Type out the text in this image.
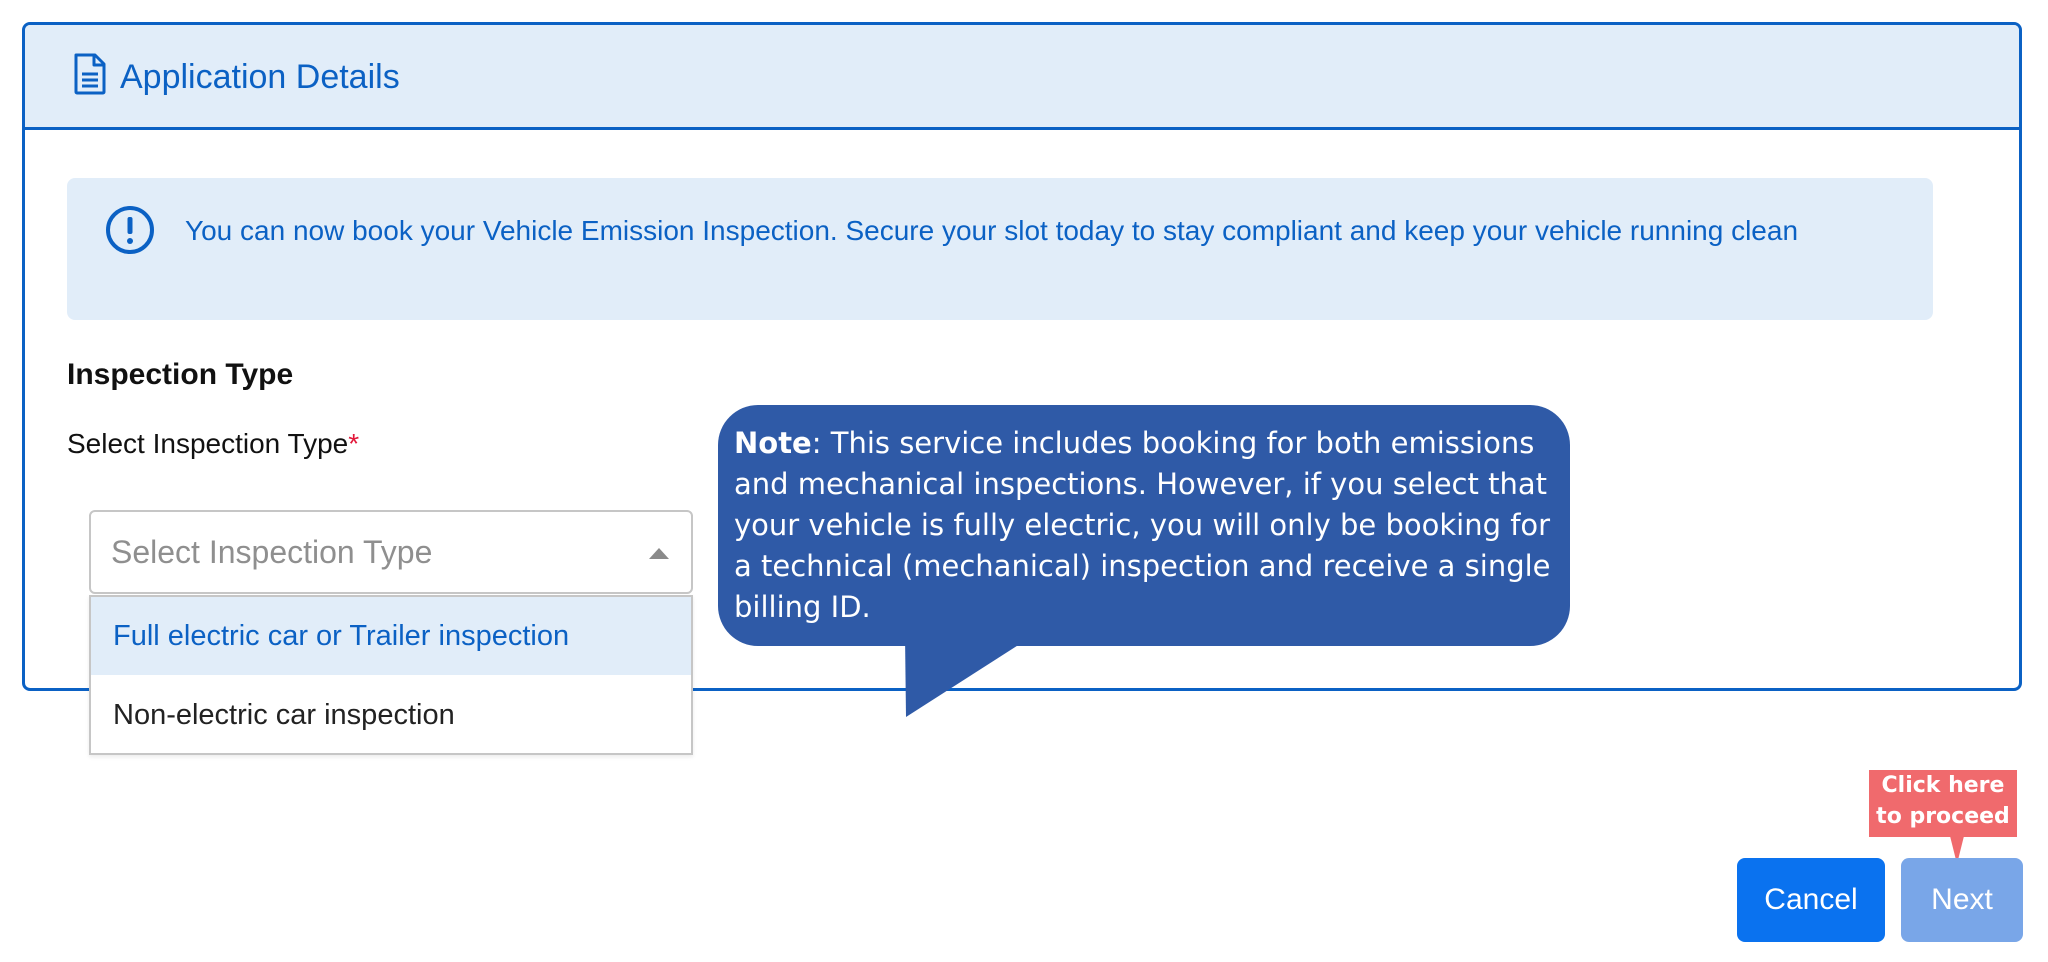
Application Details
You can now book your Vehicle Emission Inspection. Secure your slot today to stay compliant and keep your vehicle running clean
Inspection Type
Select Inspection Type*
Select Inspection Type
Full electric car or Trailer inspection
Non-electric car inspection
Note: This service includes booking for both emissions and mechanical inspections. However, if you select that your vehicle is fully electric, you will only be booking for a technical (mechanical) inspection and receive a single billing ID.
Click here to proceed
Cancel	Next
